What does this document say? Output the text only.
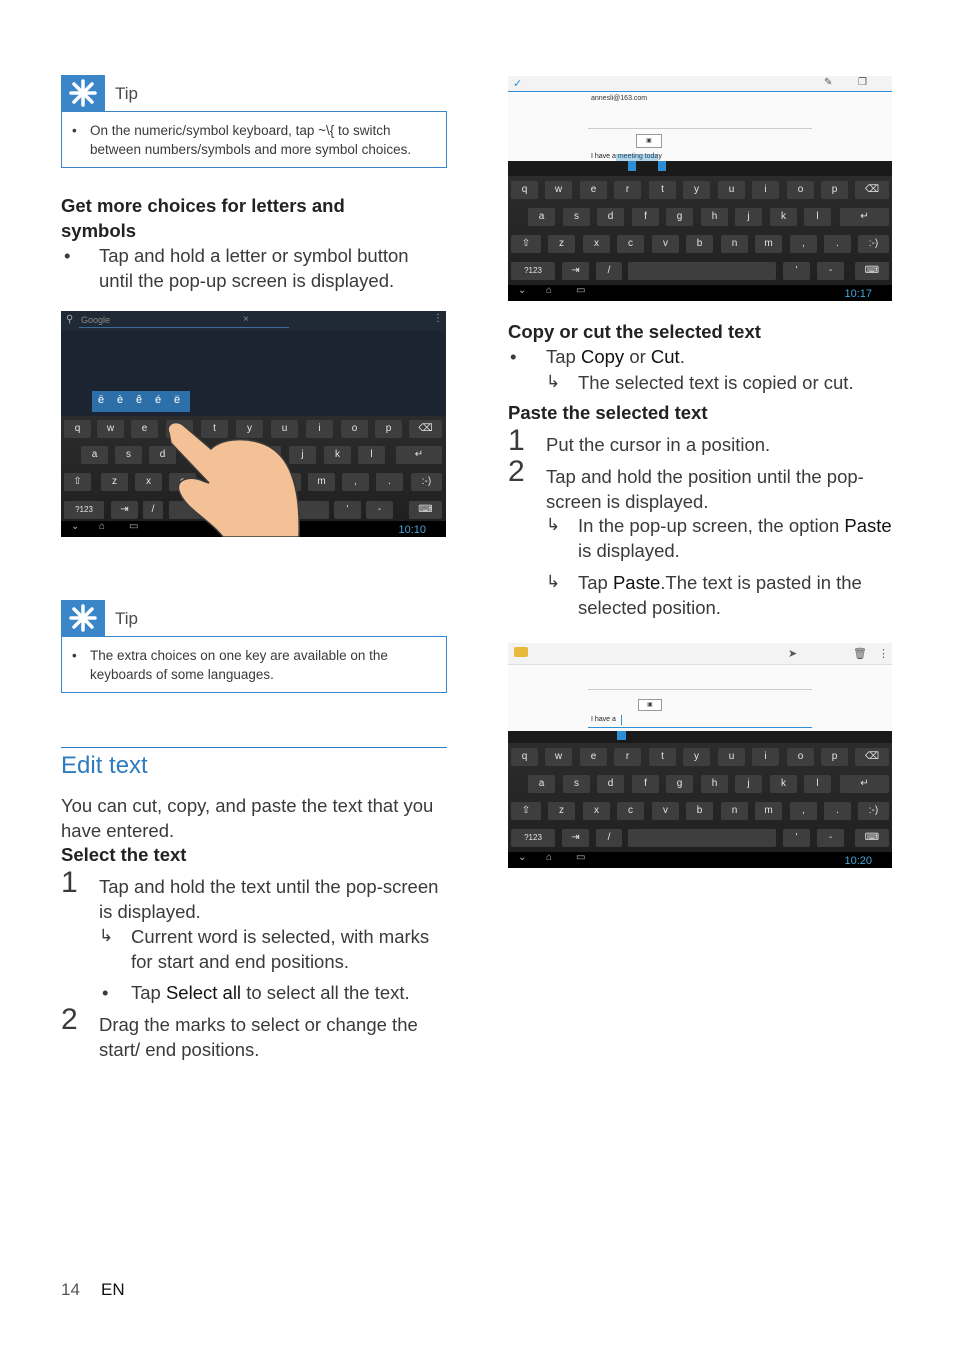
Tip
• On the numeric/symbol keyboard, tap ~\{ to switch between numbers/symbols and more symbol choices.
Get more choices for letters and
symbols
• Tap and hold a letter or symbol button
until the pop-up screen is displayed.
⚲ Google	×	⋮
ē è ê é ë
q	w	e	t	y	u	i	o	p	⌫
a	s	d	j	k	l	↵
⇧	z	x	m	,	.	:-)
?123	⇥	/	'	-	⌨
⌄ ⌂ ▭	10:10
Tip
• The extra choices on one key are available on the keyboards of some languages.
Edit text
You can cut, copy, and paste the text that you
have entered.
Select the text
1 Tap and hold the text until the pop-screen
is displayed.
↳ Current word is selected, with marks
for start and end positions.
• Tap Select all to select all the text.
2 Drag the marks to select or change the
start/ end positions.
✓	✎	❐
annesli@163.com
▣
I have a meeting today
q	w	e	r	t	y	u	i	o	p	⌫
a	s	d	f	g	h	j	k	l	↵
⇧	z	x	c	v	b	n	m	,	.	:-)
?123	⇥	/	'	-	⌨
⌄ ⌂ ▭	10:17
Copy or cut the selected text
• Tap Copy or Cut.
↳ The selected text is copied or cut.
Paste the selected text
1 Put the cursor in a position.
2 Tap and hold the position until the pop-
screen is displayed.
↳ In the pop-up screen, the option Paste
is displayed.
↳ Tap Paste.The text is pasted in the
selected position.
➤	🗑 ⋮
▣
I have a
q	w	e	r	t	y	u	i	o	p	⌫
a	s	d	f	g	h	j	k	l	↵
⇧	z	x	c	v	b	n	m	,	.	:-)
?123	⇥	/	'	-	⌨
⌄ ⌂ ▭	10:20
14 EN
